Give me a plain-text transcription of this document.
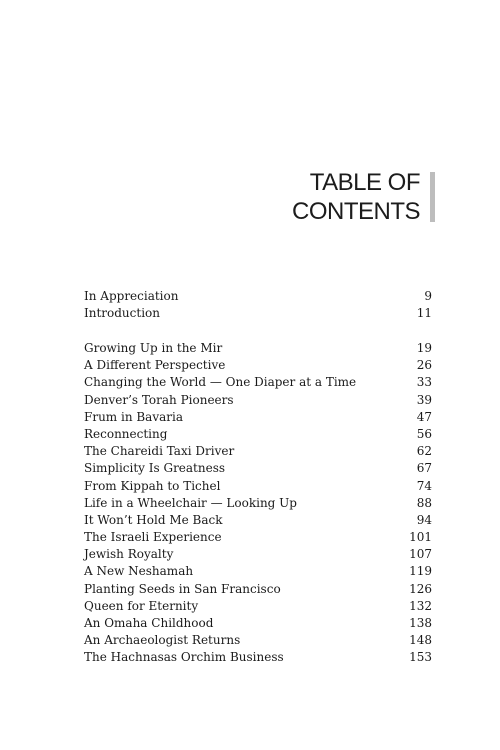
TABLE OF
CONTENTS
In Appreciation	9
Introduction	11
Growing Up in the Mir	19
A Different Perspective	26
Changing the World — One Diaper at a Time	33
Denver’s Torah Pioneers	39
Frum in Bavaria	47
Reconnecting	56
The Chareidi Taxi Driver	62
Simplicity Is Greatness	67
From Kippah to Tichel	74
Life in a Wheelchair — Looking Up	88
It Won’t Hold Me Back	94
The Israeli Experience	101
Jewish Royalty	107
A New Neshamah	119
Planting Seeds in San Francisco	126
Queen for Eternity	132
An Omaha Childhood	138
An Archaeologist Returns	148
The Hachnasas Orchim Business	153
